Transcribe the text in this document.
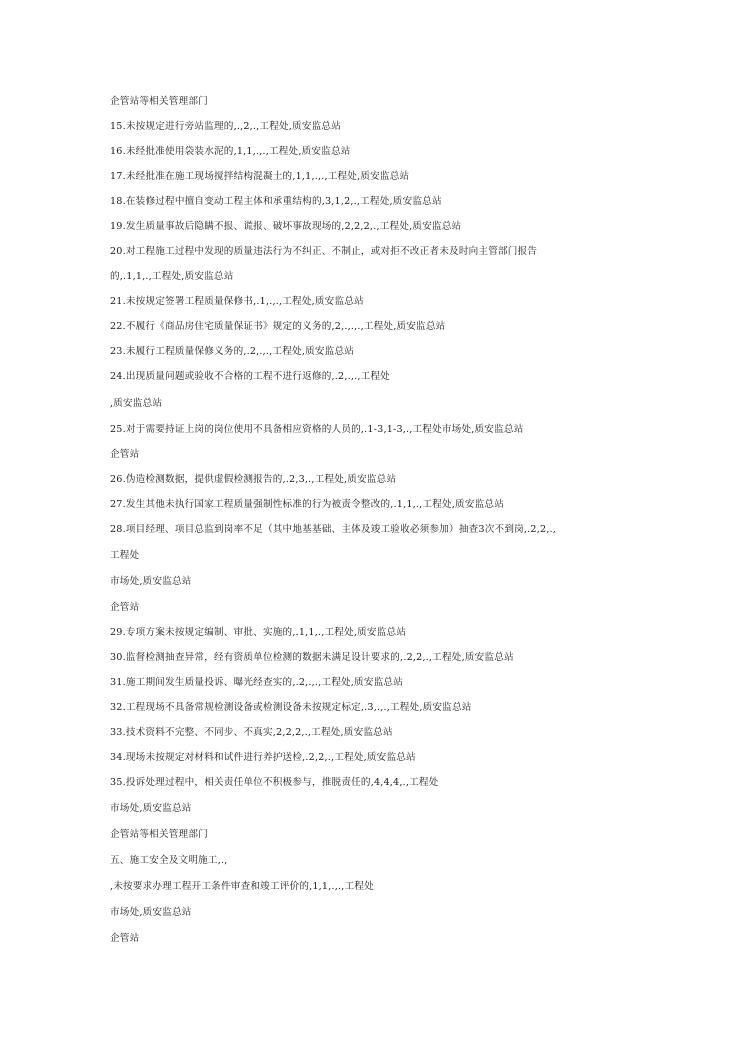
企管站等相关管理部门
15.未按规定进行旁站监理的,.,2,.,工程处,质安监总站
16.未经批准使用袋装水泥的,1,1,.,.,工程处,质安监总站
17.未经批准在施工现场搅拌结构混凝土的,1,1,.,.,工程处,质安监总站
18.在装修过程中擅自变动工程主体和承重结构的,3,1,2,.,工程处,质安监总站
19.发生质量事故后隐瞒不报、谎报、破坏事故现场的,2,2,2,.,工程处,质安监总站
20.对工程施工过程中发现的质量违法行为不纠正、不制止，或对拒不改正者未及时向主管部门报告
的,.1,1,.,工程处,质安监总站
21.未按规定签署工程质量保修书,.1,.,.,工程处,质安监总站
22.不履行《商品房住宅质量保证书》规定的义务的,2,.,.,.,工程处,质安监总站
23.未履行工程质量保修义务的,.2,.,.,工程处,质安监总站
24.出现质量问题或验收不合格的工程不进行返修的,.2,.,.,工程处
,质安监总站
25.对于需要持证上岗的岗位使用不具备相应资格的人员的,.1-3,1-3,.,工程处市场处,质安监总站
企管站
26.伪造检测数据，提供虚假检测报告的,.2,3,.,工程处,质安监总站
27.发生其他未执行国家工程质量强制性标准的行为被责令整改的,.1,1,.,工程处,质安监总站
28.项目经理、项目总监到岗率不足（其中地基基础、主体及竣工验收必须参加）抽查3次不到岗,.2,2,.,
工程处
市场处,质安监总站
企管站
29.专项方案未按规定编制、审批、实施的,.1,1,.,工程处,质安监总站
30.监督检测抽查异常，经有资质单位检测的数据未满足设计要求的,.2,2,.,工程处,质安监总站
31.施工期间发生质量投诉、曝光经查实的,.2,.,.,工程处,质安监总站
32.工程现场不具备常规检测设备或检测设备未按规定标定,.3,.,.,工程处,质安监总站
33.技术资料不完整、不同步、不真实,2,2,2,.,工程处,质安监总站
34.现场未按规定对材料和试件进行养护送检,.2,2,.,工程处,质安监总站
35.投诉处理过程中，相关责任单位不积极参与，推脱责任的,4,4,4,.,工程处
市场处,质安监总站
企管站等相关管理部门
五、施工安全及文明施工,.,
,未按要求办理工程开工条件审查和竣工评价的,1,1,.,.,工程处
市场处,质安监总站
企管站
